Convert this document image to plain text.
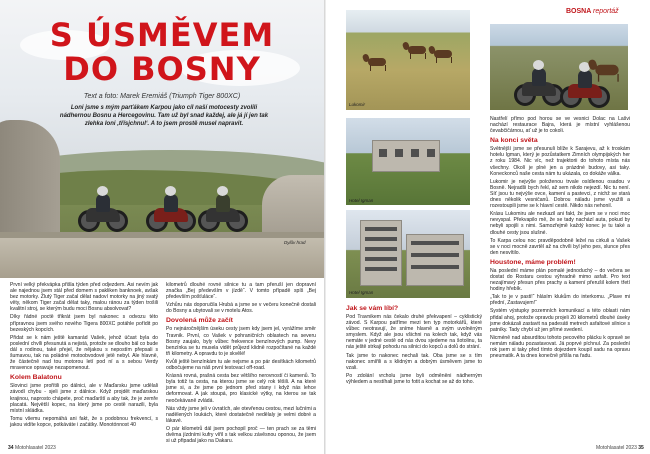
S ÚSMĚVEM
DO BOSNY
Text a foto: Marek Eremiáš (Triumph Tiger 800XC)
Loni jsme s mým parťákem Karpou jako cíl naší motocesty zvolili nádhernou Bosnu a Hercegovinu. Tam už byl snad každej, ale já jí jen tak zlehka loni ,třísjchnul‘. A to jsem prostě musel napravit.
Dylův hrad

První velký překvápka přišla týden před odjezdem. Asi nevím jak ale najednou jsem stál před domem s pakliken banknoek, avšak bez motorky. Žlutý Tiger začal dělat nadoví motorky na jiný svatý věty, někom Tiger začal dělat taky, malou ránou za týden trošili kvalitní stroj, se kterým budu moci Bosnu absolvovat?

Díky řádné poctě třikrát jsem byl nakonec s odvozu této přípravnou jsem svého nového Tigera 800XC potáhle pořídit po bezeských kopcích.

Přidat se k nám ještě kamarád Vašek, jehož účast byla do poslední chvíli přesunutá a nejistá, protože se dlouho bál co bude dál s rodinou, také přejel, že nějakou s nepostím přepsali s šumavou, tak na poládné motoobvodové jetě nebyl. Ale hlavně, že částečně nad tou motorou letí pod ní a s sebou Verdy mravence opravuje nezapomenout.

Kolem Balatonu

Slovinci jsme prořítili po dálnici, ale v Maďarsku jsme udělali závodí chybu - sjeli jsme z dálnice. Když projdět maďarskou krajinou, naprosto chápete, proč maďarští a aby tak, že je zemře placatá. Největší kopec, na který jsme po cestě narazili, byla místní skládka.

Tomu všemu nepomáhá ani fakt, že s podobnou frekvencí, s jakou vidíte kopce, potkáváte i začátky. Monotónnost 40

kilometrů dlouhé rovné silnice tu a tam přeruší jen dopravní značka „Bej především v jízdě“. V tomto případě spíš „Bej především pošťuláce“.

Vzhůru nás doporučila Hrubá a jsme se v večeru konečně dostali do Bosny a ubytovali se v motelu Atos.

Dovolená může začít

Po nejnáročnějším úseku cesty jsem kdy jsem jel, vyrážíme směr Travnik. První, co Vašek v pohraničních oblastech na severu Bosny zaujalo, byly vůbec frekvence benzínových pump. Nevy benzínka se tu musela vidět průjezd klidně rozpočítané na každé tři kilometry. A opravdu to je skvělé!

Kvůli ještě benzínkám tu ale nejsme a po pár desítkách kilometrů odbočujeme na náš první testovací off-road.

Krásná rovná, prašná cesta bez většího nerovností či kamenů. To byla totiž ta cesta, na kterou jsme se celý rok těšili. A na které jsme si, a že jsme po jednom před stany i když nás lehce deformovat. A jak stoupá, pro klasické výtky, na kterou se tak neočekávaně zvládá.

Nás vždy jsme jeli v úvratích, ale otevřenou cestou, mezi lučními a nadělených loukách, které dostatečně nedělaly je velmi dobré a lákavé.

O pár kilometrů dál jsem pochopil proč — ten prach se za těmi dvěma jízdními kufry vířil s tak velkou závěsnou oponou, že jsem si už připadal jako na Dakaru.

34 Motohlasatel 2023
BOSNA reportáž
Lukomir
Hotel Igman
Hotel Igman
Jak se vám líbí?

Pod Travnikem nás čekalo druhé překvapení – cyklistický závod. S Karpou patříme mezi ten typ motorkářů, které vůbec neotravují, že sníme hlavně a svým uvolněným smyslem. Když ale jsou všichni na kolech tak, když vás nemáte v jedné cestě od nás dvou sjedeme na šotolinu, ta nás ještě strkají pohodu na silnici do kopců a dolů do strání.

Tak jsme to nakonec nechali tak. Oba jsme se s tím nakonec smířili a s klidným a dobrým úsměvem jsme to vzali.

Po zdolání vrcholu jsme byli odměněni nádherným výhledem a nestíhali jsme to fotit a kochat se až do toho.

Nastřelí přímo pod horou se ve vesnici Dolac na Lašvi nachází restaurace Bajra, která je místní vyhlášenou čevabčičárnou, ať už je to cokoli.

Na konci světa

Světnější jsme se přesunuli blíže k Sarajevu, až k troskám hotelu Igman, který je pozůstatkem Zimních olympijských her z roku 1984. Nic víc, než trajektorii do tohoto místa nás všechny. Okolí je plné jen a prázdné budovy, asi taky. Koneckonců naše cesta nám tu ukázala, co dokáže válka.

Lukomir je nejvýše položenou trvale osídlenou osadou v Bosně. Nejradši bych řekl, až sem nikdo nejezdí. Nic tu není. Síť jsou tu nejvýše ovce, kamení a pastevci, z nichž se stará dnes několik vesničanů. Dobrou náladu jsme využili a rozestoupili jsme se k hlavní cestě. Nikdo nás nehonil.

Krásu Lukomiru ale nezkazil ani fakt, že jsem se v noci moc nevyspal. Překvapilo mě, že se tady nachází auta, pokud by nebyli spojili s nimi. Samozřejmě každý konec je tu také a dlouhé cesty jsou slušné.

To Karpa celou noc pravděpodobně ležel na cirkuli a Vašek se v noci mocně zavrtěl až na chvíli byl jeho pes, slunce přes den nesvítilo.

Houstone, máme problém!

Na poslední máme plán pomalé jednoduchý – do večera se dostat do Rostaru cestou výhradně mimo asfalt. Pro text nezajímavý přesun přes prachy a kamení přerušil kolem třetí hodiny hřebík.

„Tak to je v pasti!“ hlásím klukům do interkomu. „Plave mi přední, Zastavujem!“

Systém výstupky pozemních komunikací a této oblasti nám přidal ahoj, protože opravdu projeli 20 kilometrů dlouhé úseky jsme dokázali zastavit na padesáti metrech asfaltové silnice s patníky. Tady chybí už jen přímé svedení.

Nicméně nad absurditou tohoto pecového plácku k opravě se nemám náladu pozastavovat. Já poprvé píchnul. Za poslední rok jsem si taky před tímto dojezdem koupil sadu na opravu pneumatik. A ta dnes konečně přišla na řadu.

Motohlasatel 2023 35
